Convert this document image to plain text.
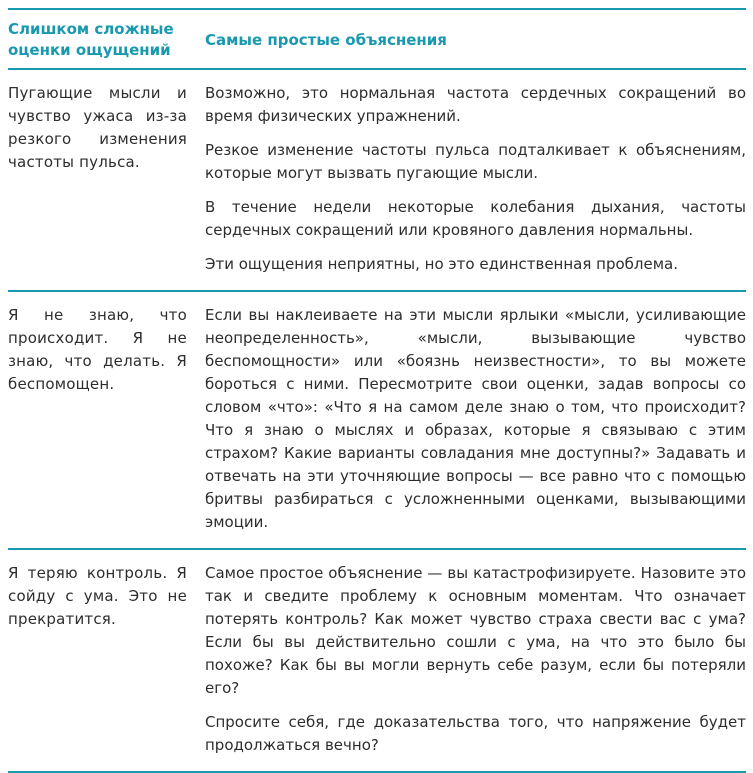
Слишком сложные оценки ощущений
Самые простые объяснения
Пугающие мысли и чувство ужаса из-за резкого изменения частоты пульса.

Возможно, это нормальная частота сердечных сокращений во время физических упражнений.

Резкое изменение частоты пульса подталкивает к объяснениям, которые могут вызвать пугающие мысли.

В течение недели некоторые колебания дыхания, частоты сердечных сокращений или кровяного давления нормальны.

Эти ощущения неприятны, но это единственная проблема.

Я не знаю, что происходит. Я не знаю, что делать. Я беспомощен.

Если вы наклеиваете на эти мысли ярлыки «мысли, усиливающие неопределенность», «мысли, вызывающие чувство беспомощности» или «боязнь неизвестности», то вы можете бороться с ними. Пересмотрите свои оценки, задав вопросы со словом «что»: «Что я на самом деле знаю о том, что происходит? Что я знаю о мыслях и образах, которые я связываю с этим страхом? Какие варианты совладания мне доступны?» Задавать и отвечать на эти уточняющие вопросы — все равно что с помощью бритвы разбираться с усложненными оценками, вызывающими эмоции.

Я теряю контроль. Я сойду с ума. Это не прекратится.

Самое простое объяснение — вы катастрофизируете. Назовите это так и сведите проблему к основным моментам. Что означает потерять контроль? Как может чувство страха свести вас с ума? Если бы вы действительно сошли с ума, на что это было бы похоже? Как бы вы могли вернуть себе разум, если бы потеряли его?

Спросите себя, где доказательства того, что напряжение будет продолжаться вечно?
